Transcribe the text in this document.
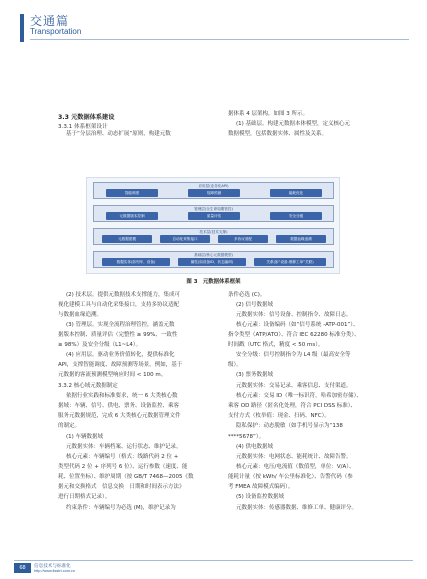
交通篇
Transportation
3.3 元数据体系建设
3.3.1 体系框架设计
基于“分层治理、动态扩展”原则，构建元数
据体系 4 层架构，如图 3 所示。
(1) 基础层。构建元数据本体模型，定义核心元
数据模型，包括数据实体、属性及关系。
应用层(业务化API)
智能调度	故障预测	能耗优化
管理层(全生命周期管控)
元数据版本控制	质量评估	安全分级
技术层(技术支撑)
元数据建模	自动化采集接口	多协议适配	数据血缘追溯
基础层(核心元数据模型)
数据实体(如列车、设备)	属性(如设备ID、状态编码)	关系(如“设备-维修工单”关联)
图 3　元数据体系框架
(2) 技术层。提供元数据技术支撑能力，集成可
视化建模工具与自动化采集接口，支持多协议适配
与数据血缘追溯。
(3) 管理层。实现全流程治理管控，涵盖元数
据版本控制、质量评估（完整性 ≥ 99%、一致性
≥ 98%）及安全分级（L1~L4）。
(4) 应用层。驱动业务价值转化，提供标准化
API，支撑智能调度、故障预测等场景。例如，基于
元数据的客流预测模型响应时间 < 100 m。
3.3.2 核心域元数据制定
依据行业实践和标准要求，统一 6 大类核心数
据域：车辆、信号、供电、票务、设备监控、乘客
服务元数据规范，完成 6 大类核心元数据管理文件
的制定。
(1) 车辆数据域
元数据实体：车辆档案、运行状态、维护记录。
核心元素：车辆编号（格式：线路代码 2 位 +
类型代码 2 位 + 序列号 6 位）、运行参数（速度、能
耗、位置坐标）、维护周期（按 GB/T 7468—2005《数
据元和交换格式　信息交换　日期和时间表示方法》
进行日期格式记录）。
约束条件：车辆编号为必选 (M)，维护记录为
条件必选 (C)。
(2) 信号数据域
元数据实体：信号设备、控制指令、故障日志。
核心元素：设备编码（如“信号系统 -ATP-001”）、
指令类型（ATP/ATO）、符合 IEC 62280 标准分类）、
时间戳（UTC 格式，精度 < 50 ms）。
安全分级：信号控制指令为 L4 级（最高安全等
级）。
(3) 票务数据域
元数据实体：交易记录、乘客信息、支付渠道。
核心元素：交易 ID（唯一标识符，哈希加密存储）、
乘客 OD 路径（匿名化处理，符合 PCI DSS 标准）、
支付方式（枚举值：现金、扫码、NFC）。
隐私保护：动态脱敏（如手机号显示为“138
****5678”）。
(4) 供电数据域
元数据实体：电网状态、能耗统计、故障告警。
核心元素：电压/电流值（数值型，单位：V/A）、
能耗计量（按 kWh/ 车公里标准化）、告警代码（参
考 FMEA 故障模式编码）。
(5) 设备监控数据域
元数据实体：传感器数据、维修工单、健康评分。
68	信息技术与标准化
http://www.itsstrt.com.cn
